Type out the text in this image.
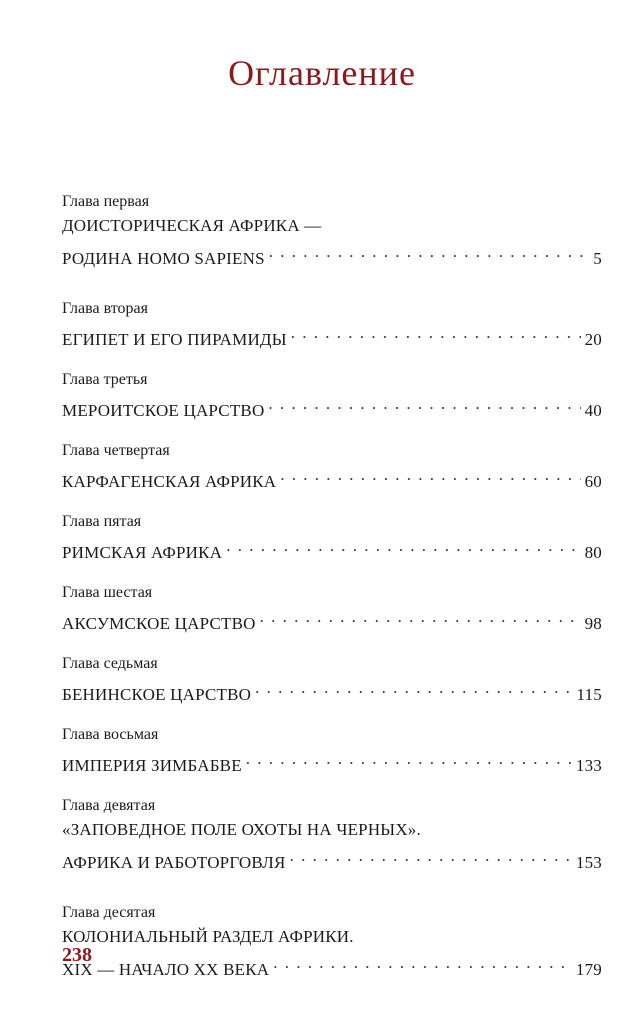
Оглавление
Глава первая
ДОИСТОРИЧЕСКАЯ АФРИКА —
РОДИНА HOMO SAPIENS . . .	5
Глава вторая
ЕГИПЕТ И ЕГО ПИРАМИДЫ . . .	20
Глава третья
МЕРОИТСКОЕ ЦАРСТВО . . .	40
Глава четвертая
КАРФАГЕНСКАЯ АФРИКА . . .	60
Глава пятая
РИМСКАЯ АФРИКА . . .	80
Глава шестая
АКСУМСКОЕ ЦАРСТВО . . .	98
Глава седьмая
БЕНИНСКОЕ ЦАРСТВО . . .	115
Глава восьмая
ИМПЕРИЯ ЗИМБАБВЕ . . .	133
Глава девятая
«ЗАПОВЕДНОЕ ПОЛЕ ОХОТЫ НА ЧЕРНЫХ».
АФРИКА И РАБОТОРГОВЛЯ . . .	153
Глава десятая
КОЛОНИАЛЬНЫЙ РАЗДЕЛ АФРИКИ.
XIX — НАЧАЛО XX ВЕКА . . .	179
238
